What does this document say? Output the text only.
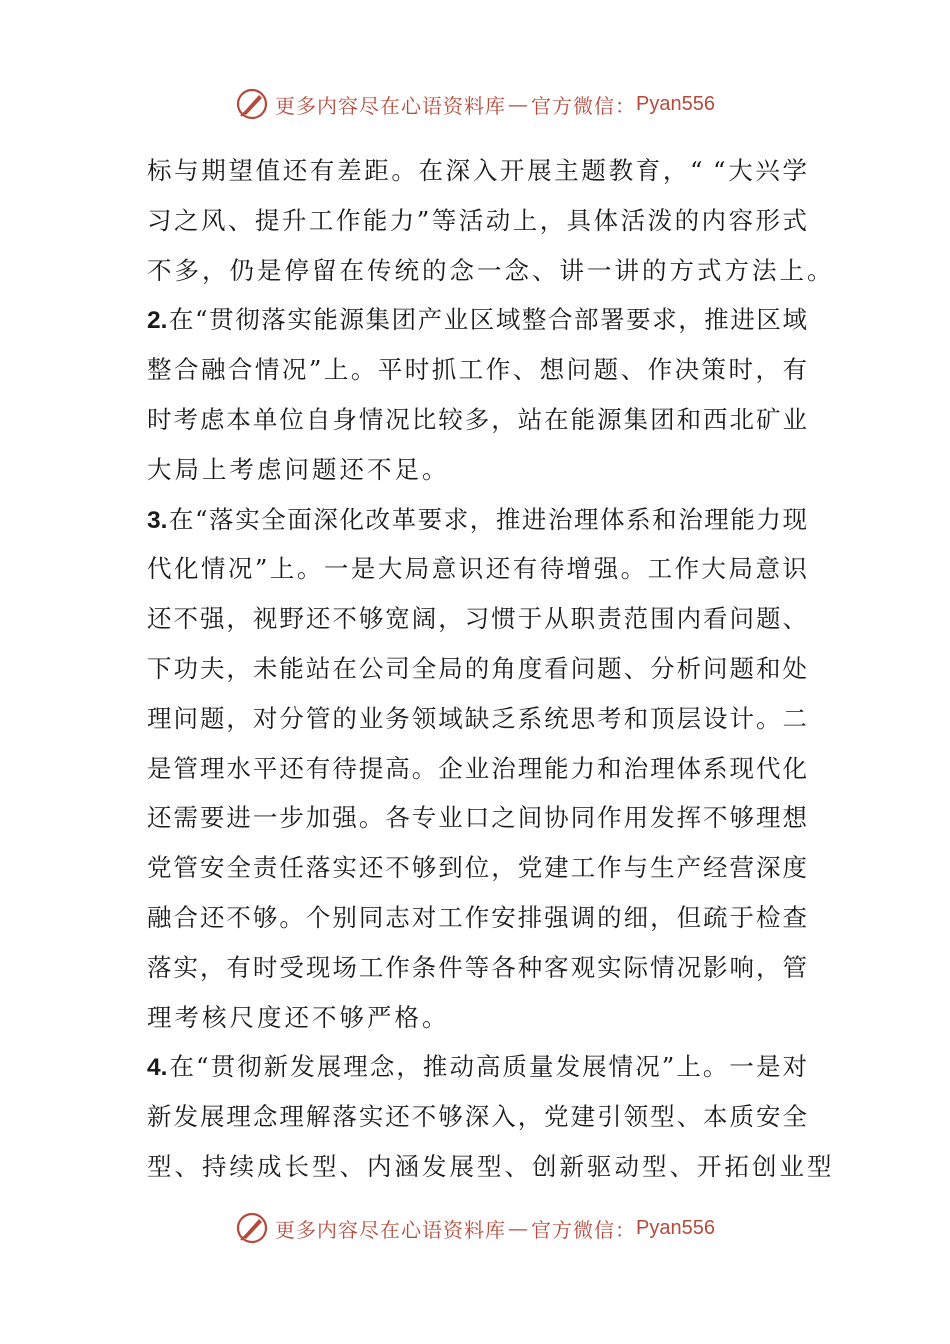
更多内容尽在心语资料库 — 官方微信： Pyan556
标与期望值还有差距。在深入开展主题教育，“ “大兴学
习之风、提升工作能力”等活动上，具体活泼的内容形式
不多，仍是停留在传统的念一念、讲一讲的方式方法上。
2.在“贯彻落实能源集团产业区域整合部署要求，推进区域
整合融合情况”上。平时抓工作、想问题、作决策时，有
时考虑本单位自身情况比较多，站在能源集团和西北矿业
大局上考虑问题还不足。
3.在“落实全面深化改革要求，推进治理体系和治理能力现
代化情况”上。一是大局意识还有待增强。工作大局意识
还不强，视野还不够宽阔，习惯于从职责范围内看问题、
下功夫，未能站在公司全局的角度看问题、分析问题和处
理问题，对分管的业务领域缺乏系统思考和顶层设计。二
是管理水平还有待提高。企业治理能力和治理体系现代化
还需要进一步加强。各专业口之间协同作用发挥不够理想
党管安全责任落实还不够到位，党建工作与生产经营深度
融合还不够。个别同志对工作安排强调的细，但疏于检查
落实，有时受现场工作条件等各种客观实际情况影响，管
理考核尺度还不够严格。
4.在“贯彻新发展理念，推动高质量发展情况”上。一是对
新发展理念理解落实还不够深入，党建引领型、本质安全
型、持续成长型、内涵发展型、创新驱动型、开拓创业型
更多内容尽在心语资料库 — 官方微信： Pyan556
